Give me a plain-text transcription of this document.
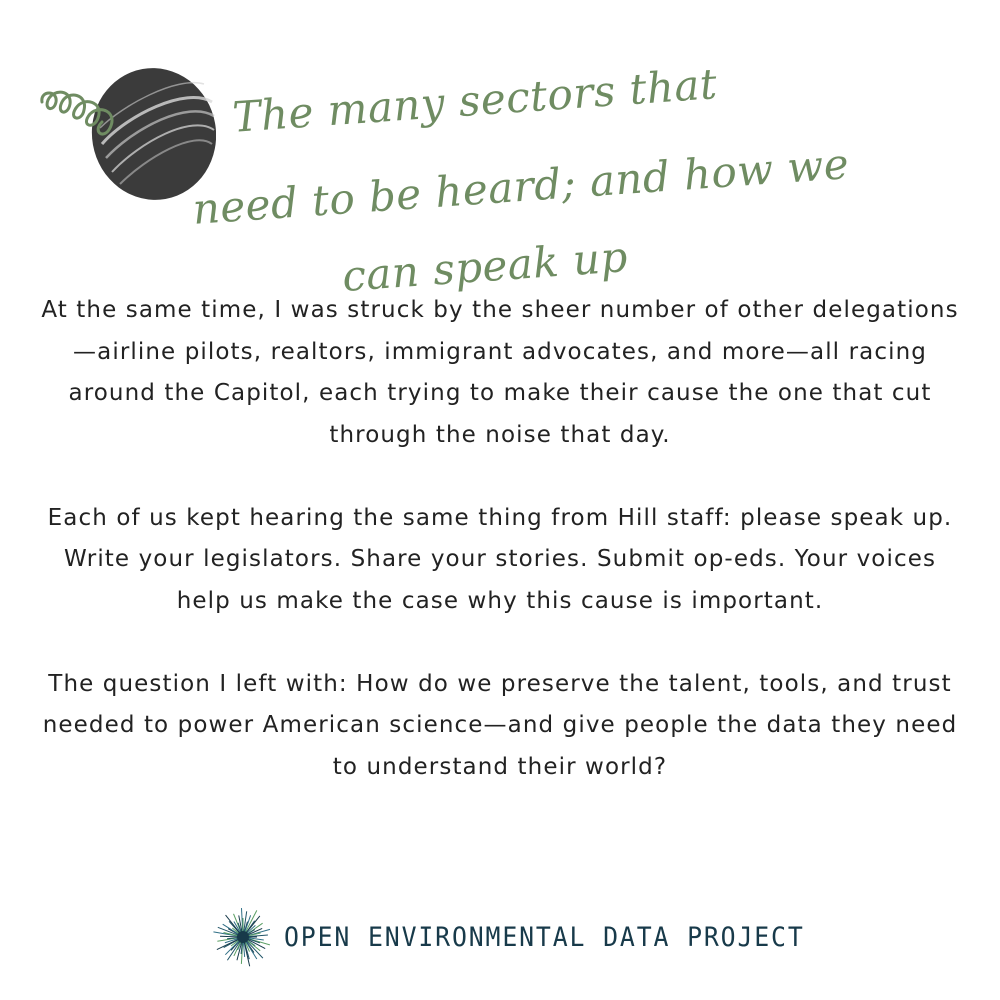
The many sectors that
need to be heard; and how we
can speak up

At the same time, I was struck by the sheer number of other delegations—airline pilots, realtors, immigrant advocates, and more—all racing around the Capitol, each trying to make their cause the one that cut through the noise that day.

Each of us kept hearing the same thing from Hill staff: please speak up. Write your legislators. Share your stories. Submit op-eds. Your voices help us make the case why this cause is important.

The question I left with: How do we preserve the talent, tools, and trust needed to power American science—and give people the data they need to understand their world?

OPEN ENVIRONMENTAL DATA PROJECT
